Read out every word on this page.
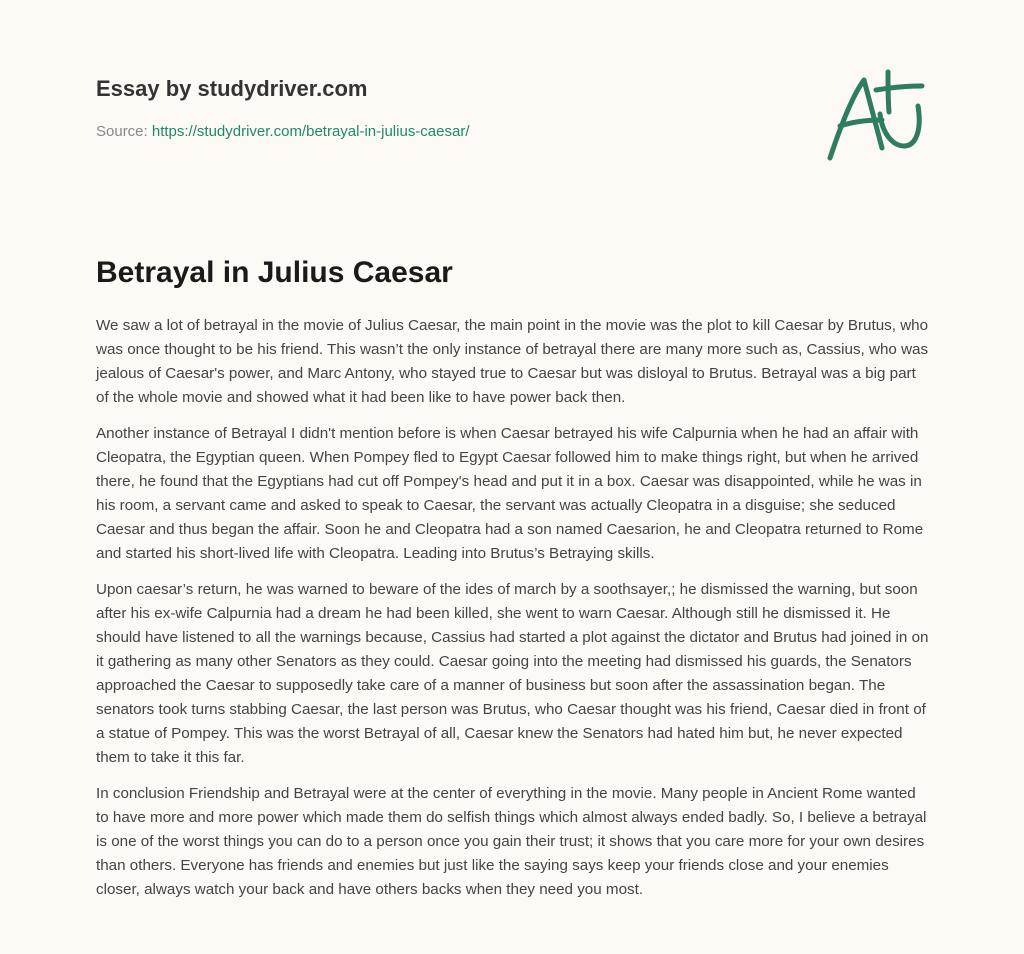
Essay by studydriver.com
Source: https://studydriver.com/betrayal-in-julius-caesar/
Betrayal in Julius Caesar

We saw a lot of betrayal in the movie of Julius Caesar, the main point in the movie was the plot to kill Caesar by Brutus, who was once thought to be his friend. This wasn’t the only instance of betrayal there are many more such as, Cassius, who was jealous of Caesar's power, and Marc Antony, who stayed true to Caesar but was disloyal to Brutus. Betrayal was a big part of the whole movie and showed what it had been like to have power back then.

Another instance of Betrayal I didn't mention before is when Caesar betrayed his wife Calpurnia when he had an affair with Cleopatra, the Egyptian queen. When Pompey fled to Egypt Caesar followed him to make things right, but when he arrived there, he found that the Egyptians had cut off Pompey's head and put it in a box. Caesar was disappointed, while he was in his room, a servant came and asked to speak to Caesar, the servant was actually Cleopatra in a disguise; she seduced Caesar and thus began the affair. Soon he and Cleopatra had a son named Caesarion, he and Cleopatra returned to Rome and started his short-lived life with Cleopatra. Leading into Brutus’s Betraying skills.

Upon caesar’s return, he was warned to beware of the ides of march by a soothsayer,; he dismissed the warning, but soon after his ex-wife Calpurnia had a dream he had been killed, she went to warn Caesar. Although still he dismissed it. He should have listened to all the warnings because, Cassius had started a plot against the dictator and Brutus had joined in on it gathering as many other Senators as they could. Caesar going into the meeting had dismissed his guards, the Senators approached the Caesar to supposedly take care of a manner of business but soon after the assassination began. The senators took turns stabbing Caesar, the last person was Brutus, who Caesar thought was his friend, Caesar died in front of a statue of Pompey. This was the worst Betrayal of all, Caesar knew the Senators had hated him but, he never expected them to take it this far.

In conclusion Friendship and Betrayal were at the center of everything in the movie. Many people in Ancient Rome wanted to have more and more power which made them do selfish things which almost always ended badly. So, I believe a betrayal is one of the worst things you can do to a person once you gain their trust; it shows that you care more for your own desires than others. Everyone has friends and enemies but just like the saying says keep your friends close and your enemies closer, always watch your back and have others backs when they need you most.
